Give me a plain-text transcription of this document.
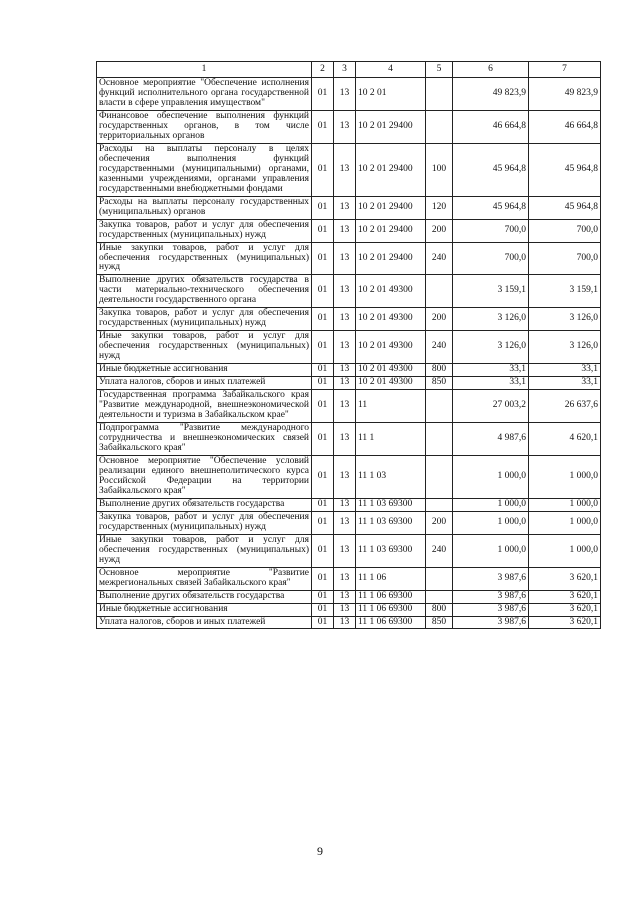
1	2	3	4	5	6	7
Основное мероприятие "Обеспечение исполнения функций исполнительного органа государственной власти в сфере управления имуществом"	01	13	10 2 01		49 823,9	49 823,9
Финансовое обеспечение выполнения функций государственных органов, в том числе территориальных органов	01	13	10 2 01 29400		46 664,8	46 664,8
Расходы на выплаты персоналу в целях обеспечения выполнения функций государственными (муниципальными) органами, казенными учреждениями, органами управления государственными внебюджетными фондами	01	13	10 2 01 29400	100	45 964,8	45 964,8
Расходы на выплаты персоналу государственных (муниципальных) органов	01	13	10 2 01 29400	120	45 964,8	45 964,8
Закупка товаров, работ и услуг для обеспечения государственных (муниципальных) нужд	01	13	10 2 01 29400	200	700,0	700,0
Иные закупки товаров, работ и услуг для обеспечения государственных (муниципальных) нужд	01	13	10 2 01 29400	240	700,0	700,0
Выполнение других обязательств государства в части материально-технического обеспечения деятельности государственного органа	01	13	10 2 01 49300		3 159,1	3 159,1
Закупка товаров, работ и услуг для обеспечения государственных (муниципальных) нужд	01	13	10 2 01 49300	200	3 126,0	3 126,0
Иные закупки товаров, работ и услуг для обеспечения государственных (муниципальных) нужд	01	13	10 2 01 49300	240	3 126,0	3 126,0
Иные бюджетные ассигнования	01	13	10 2 01 49300	800	33,1	33,1
Уплата налогов, сборов и иных платежей	01	13	10 2 01 49300	850	33,1	33,1
Государственная программа Забайкальского края "Развитие международной, внешнеэкономической деятельности и туризма в Забайкальском крае"	01	13	11		27 003,2	26 637,6
Подпрограмма "Развитие международного сотрудничества и внешнеэкономических связей Забайкальского края"	01	13	11 1		4 987,6	4 620,1
Основное мероприятие "Обеспечение условий реализации единого внешнеполитического курса Российской Федерации на территории Забайкальского края"	01	13	11 1 03		1 000,0	1 000,0
Выполнение других обязательств государства	01	13	11 1 03 69300		1 000,0	1 000,0
Закупка товаров, работ и услуг для обеспечения государственных (муниципальных) нужд	01	13	11 1 03 69300	200	1 000,0	1 000,0
Иные закупки товаров, работ и услуг для обеспечения государственных (муниципальных) нужд	01	13	11 1 03 69300	240	1 000,0	1 000,0
Основное мероприятие "Развитие межрегиональных связей Забайкальского края"	01	13	11 1 06		3 987,6	3 620,1
Выполнение других обязательств государства	01	13	11 1 06 69300		3 987,6	3 620,1
Иные бюджетные ассигнования	01	13	11 1 06 69300	800	3 987,6	3 620,1
Уплата налогов, сборов и иных платежей	01	13	11 1 06 69300	850	3 987,6	3 620,1
9
